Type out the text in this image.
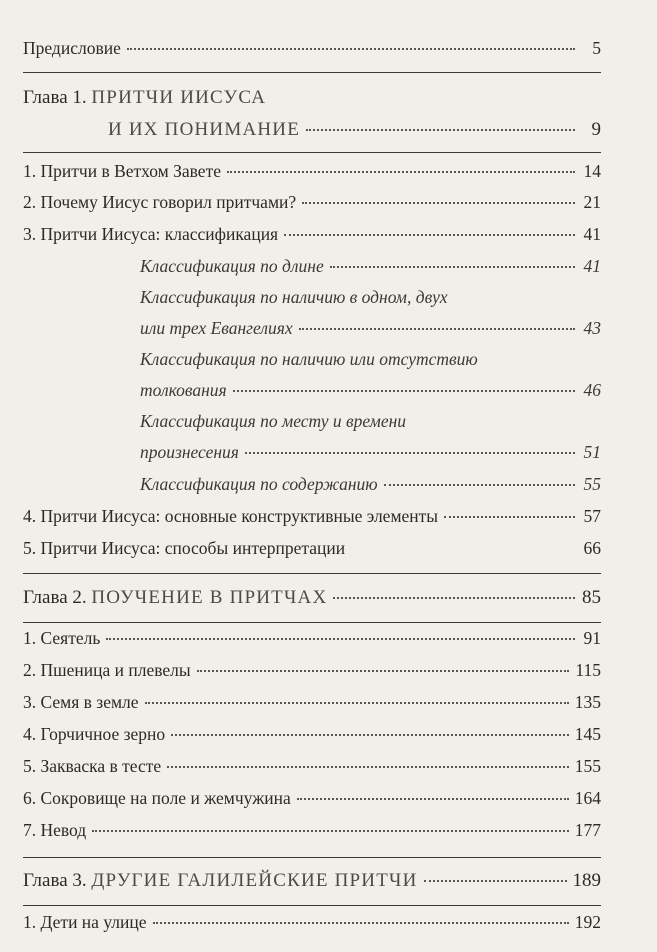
Предисловие	5
Глава 1. ПРИТЧИ ИИСУСА
И ИХ ПОНИМАНИЕ	9
1. Притчи в Ветхом Завете	14
2. Почему Иисус говорил притчами?	21
3. Притчи Иисуса: классификация	41
Классификация по длине	41
Классификация по наличию в одном, двух
или трех Евангелиях	43
Классификация по наличию или отсутствию
толкования	46
Классификация по месту и времени
произнесения	51
Классификация по содержанию	55
4. Притчи Иисуса: основные конструктивные элементы	57
5. Притчи Иисуса: способы интерпретации	66
Глава 2. ПОУЧЕНИЕ В ПРИТЧАХ	85
1. Сеятель	91
2. Пшеница и плевелы	115
3. Семя в земле	135
4. Горчичное зерно	145
5. Закваска в тесте	155
6. Сокровище на поле и жемчужина	164
7. Невод	177
Глава 3. ДРУГИЕ ГАЛИЛЕЙСКИЕ ПРИТЧИ	189
1. Дети на улице	192
